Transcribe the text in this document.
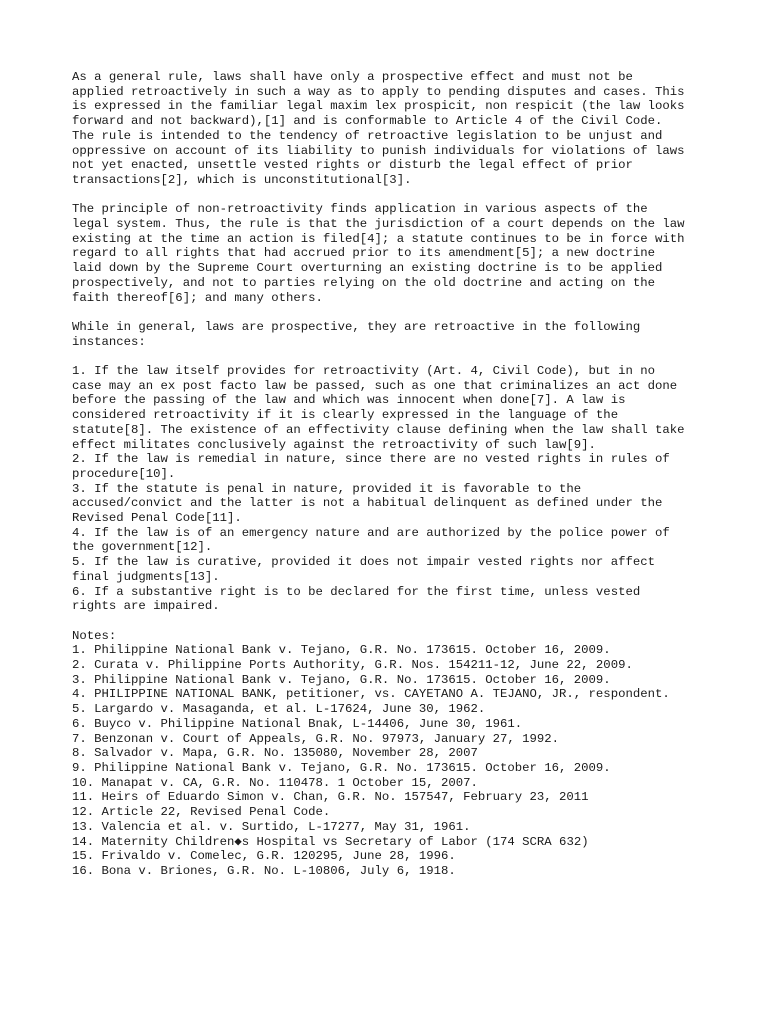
As a general rule, laws shall have only a prospective effect and must not be

applied retroactively in such a way as to apply to pending disputes and cases. This

is expressed in the familiar legal maxim lex prospicit, non respicit (the law looks

forward and not backward),[1] and is conformable to Article 4 of the Civil Code.

The rule is intended to the tendency of retroactive legislation to be unjust and

oppressive on account of its liability to punish individuals for violations of laws

not yet enacted, unsettle vested rights or disturb the legal effect of prior

transactions[2], which is unconstitutional[3].

The principle of non-retroactivity finds application in various aspects of the

legal system. Thus, the rule is that the jurisdiction of a court depends on the law

existing at the time an action is filed[4]; a statute continues to be in force with

regard to all rights that had accrued prior to its amendment[5]; a new doctrine

laid down by the Supreme Court overturning an existing doctrine is to be applied

prospectively, and not to parties relying on the old doctrine and acting on the

faith thereof[6]; and many others.

While in general, laws are prospective, they are retroactive in the following

instances:

1. If the law itself provides for retroactivity (Art. 4, Civil Code), but in no

case may an ex post facto law be passed, such as one that criminalizes an act done

before the passing of the law and which was innocent when done[7]. A law is

considered retroactivity if it is clearly expressed in the language of the

statute[8]. The existence of an effectivity clause defining when the law shall take

effect militates conclusively against the retroactivity of such law[9].

2. If the law is remedial in nature, since there are no vested rights in rules of

procedure[10].

3. If the statute is penal in nature, provided it is favorable to the

accused/convict and the latter is not a habitual delinquent as defined under the

Revised Penal Code[11].

4. If the law is of an emergency nature and are authorized by the police power of

the government[12].

5. If the law is curative, provided it does not impair vested rights nor affect

final judgments[13].

6. If a substantive right is to be declared for the first time, unless vested

rights are impaired.

Notes:

1. Philippine National Bank v. Tejano, G.R. No. 173615. October 16, 2009.

2. Curata v. Philippine Ports Authority, G.R. Nos. 154211-12, June 22, 2009.

3. Philippine National Bank v. Tejano, G.R. No. 173615. October 16, 2009.

4. PHILIPPINE NATIONAL BANK, petitioner, vs. CAYETANO A. TEJANO, JR., respondent.

5. Largardo v. Masaganda, et al. L-17624, June 30, 1962.

6. Buyco v. Philippine National Bnak, L-14406, June 30, 1961.

7. Benzonan v. Court of Appeals, G.R. No. 97973, January 27, 1992.

8. Salvador v. Mapa, G.R. No. 135080, November 28, 2007

9. Philippine National Bank v. Tejano, G.R. No. 173615. October 16, 2009.

10. Manapat v. CA, G.R. No. 110478. 1 October 15, 2007.

11. Heirs of Eduardo Simon v. Chan, G.R. No. 157547, February 23, 2011

12. Article 22, Revised Penal Code.

13. Valencia et al. v. Surtido, L-17277, May 31, 1961.

14. Maternity Children◆s Hospital vs Secretary of Labor (174 SCRA 632)

15. Frivaldo v. Comelec, G.R. 120295, June 28, 1996.

16. Bona v. Briones, G.R. No. L-10806, July 6, 1918.
